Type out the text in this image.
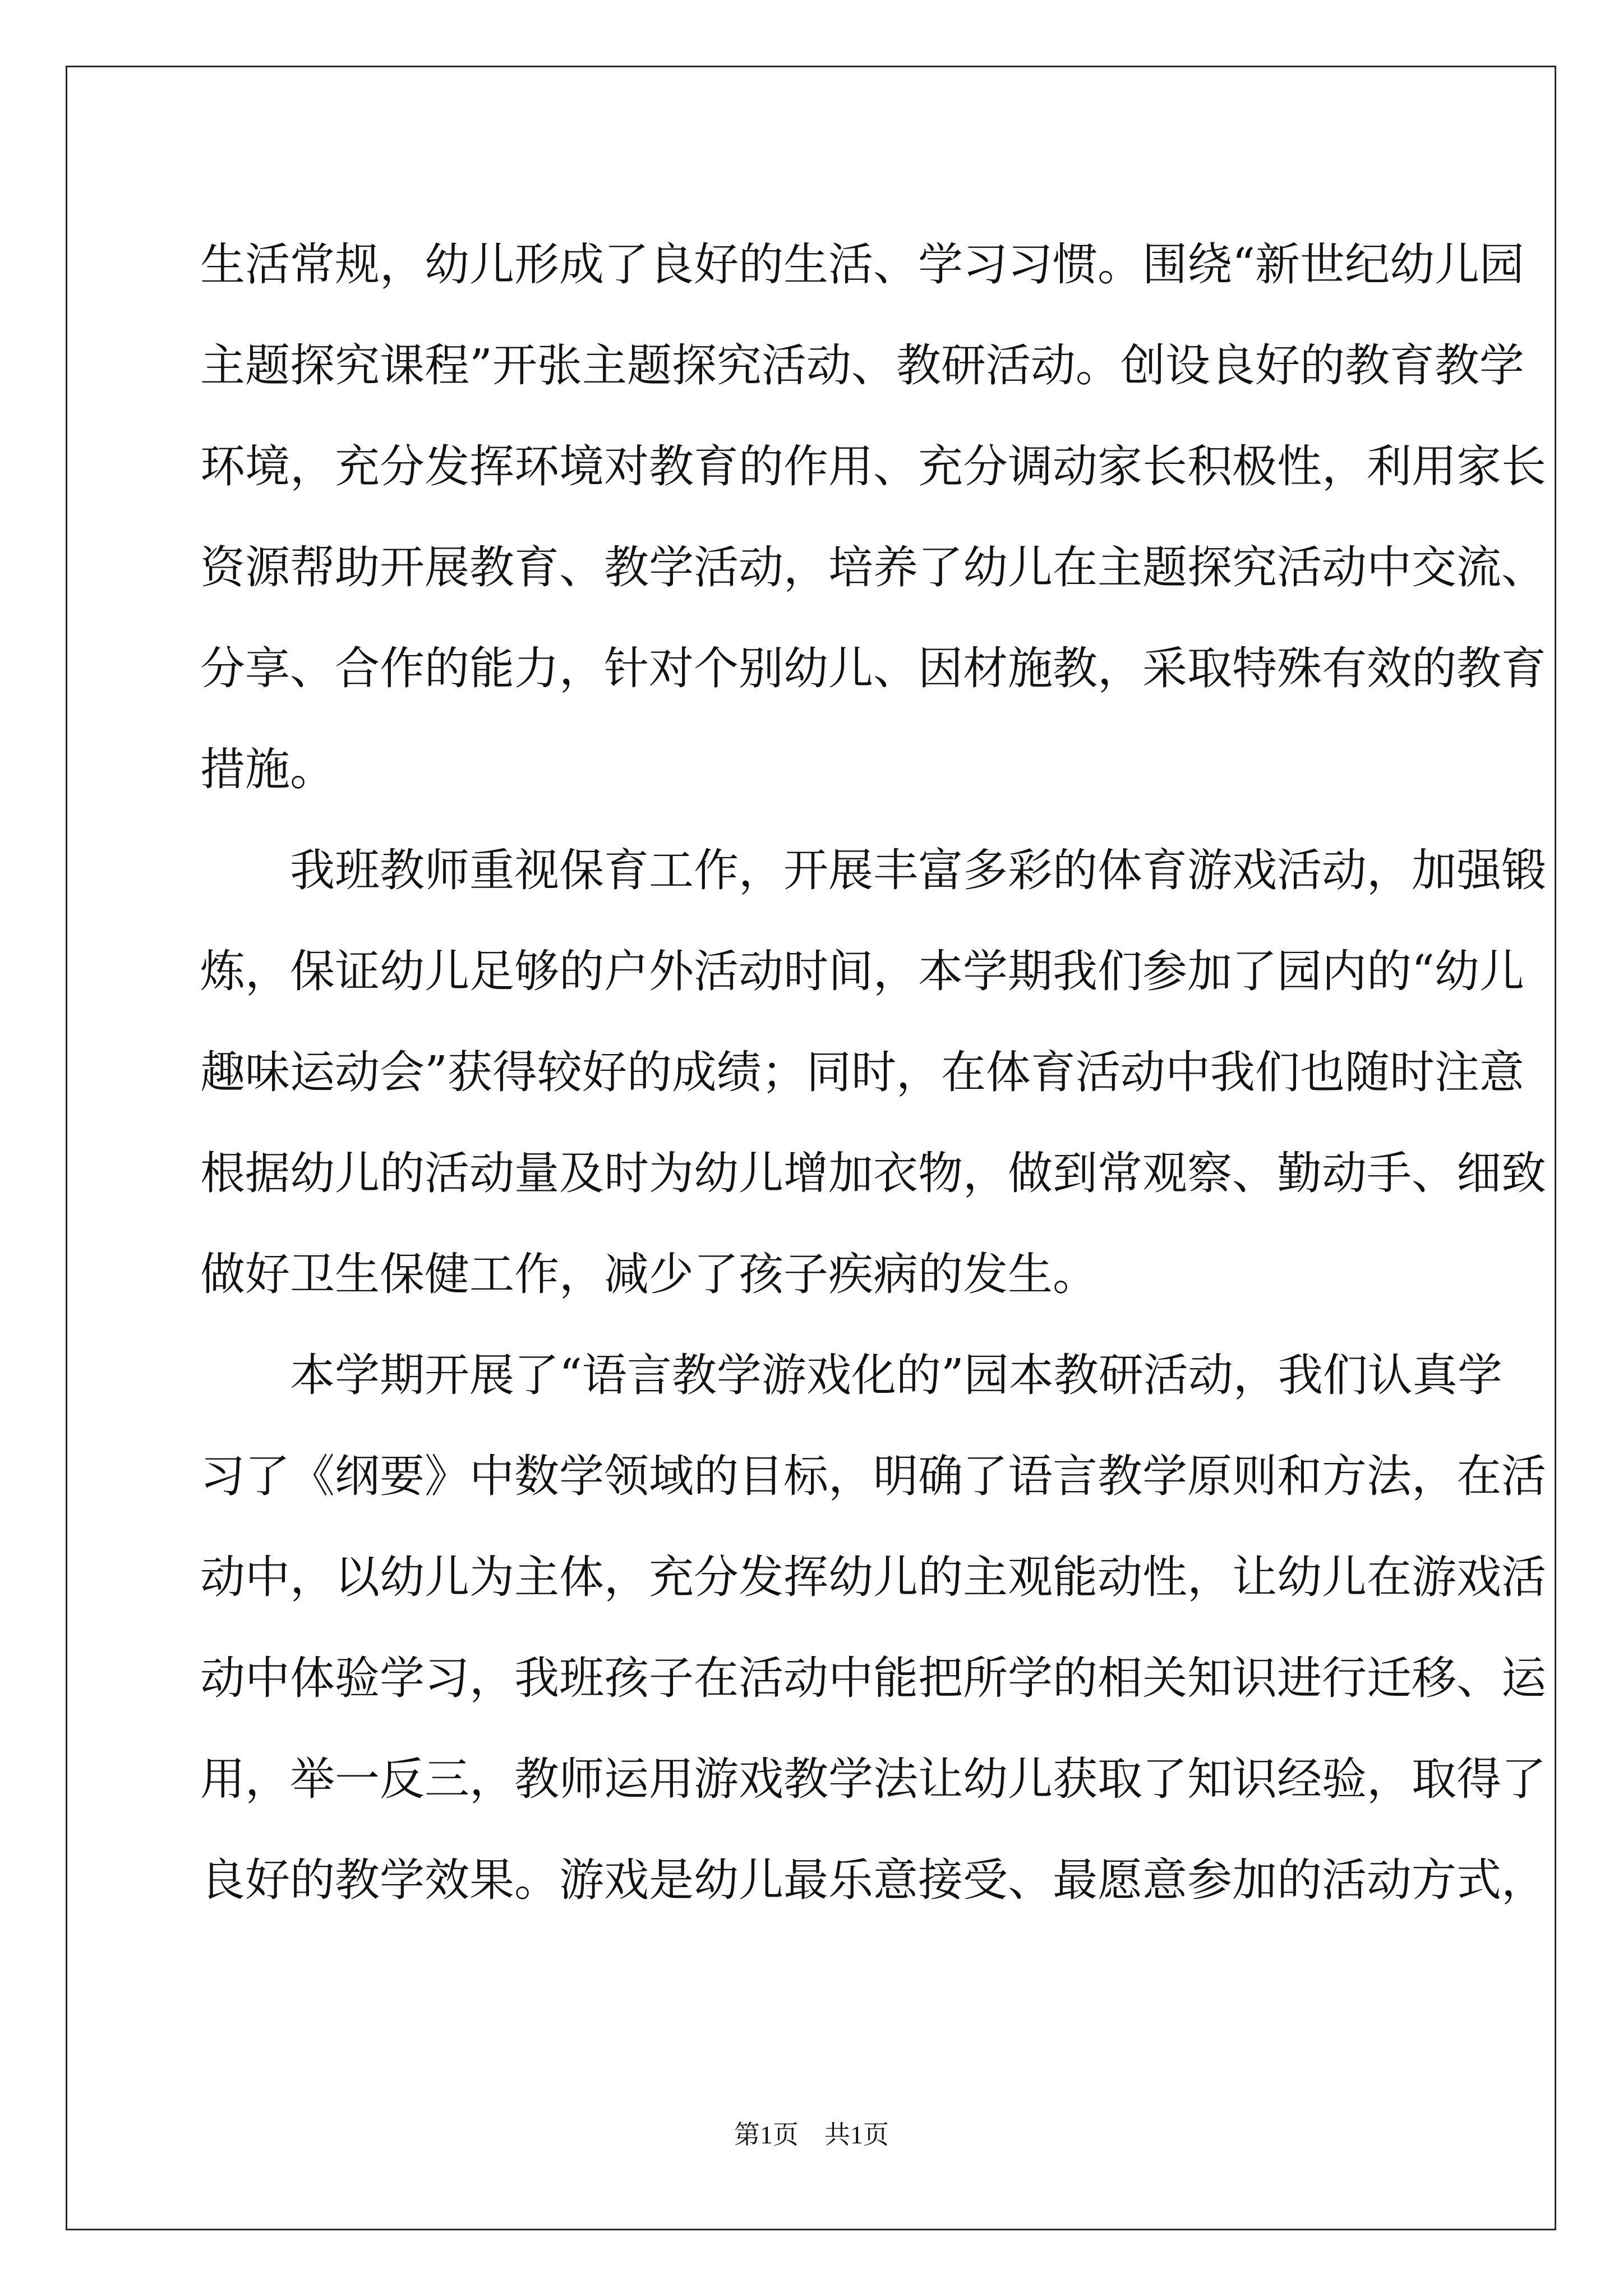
生活常规，幼儿形成了良好的生活、学习习惯。围绕“新世纪幼儿园
主题探究课程”开张主题探究活动、教研活动。创设良好的教育教学
环境，充分发挥环境对教育的作用、充分调动家长积极性，利用家长
资源帮助开展教育、教学活动，培养了幼儿在主题探究活动中交流、
分享、合作的能力，针对个别幼儿、因材施教，采取特殊有效的教育
措施。
　　我班教师重视保育工作，开展丰富多彩的体育游戏活动，加强锻
炼，保证幼儿足够的户外活动时间，本学期我们参加了园内的“幼儿
趣味运动会”获得较好的成绩；同时，在体育活动中我们也随时注意
根据幼儿的活动量及时为幼儿增加衣物，做到常观察、勤动手、细致
做好卫生保健工作，减少了孩子疾病的发生。
　　本学期开展了“语言教学游戏化的”园本教研活动，我们认真学
习了《纲要》中数学领域的目标，明确了语言教学原则和方法，在活
动中，以幼儿为主体，充分发挥幼儿的主观能动性，让幼儿在游戏活
动中体验学习，我班孩子在活动中能把所学的相关知识进行迁移、运
用，举一反三，教师运用游戏教学法让幼儿获取了知识经验，取得了
良好的教学效果。游戏是幼儿最乐意接受、最愿意参加的活动方式，
第1页　共1页
